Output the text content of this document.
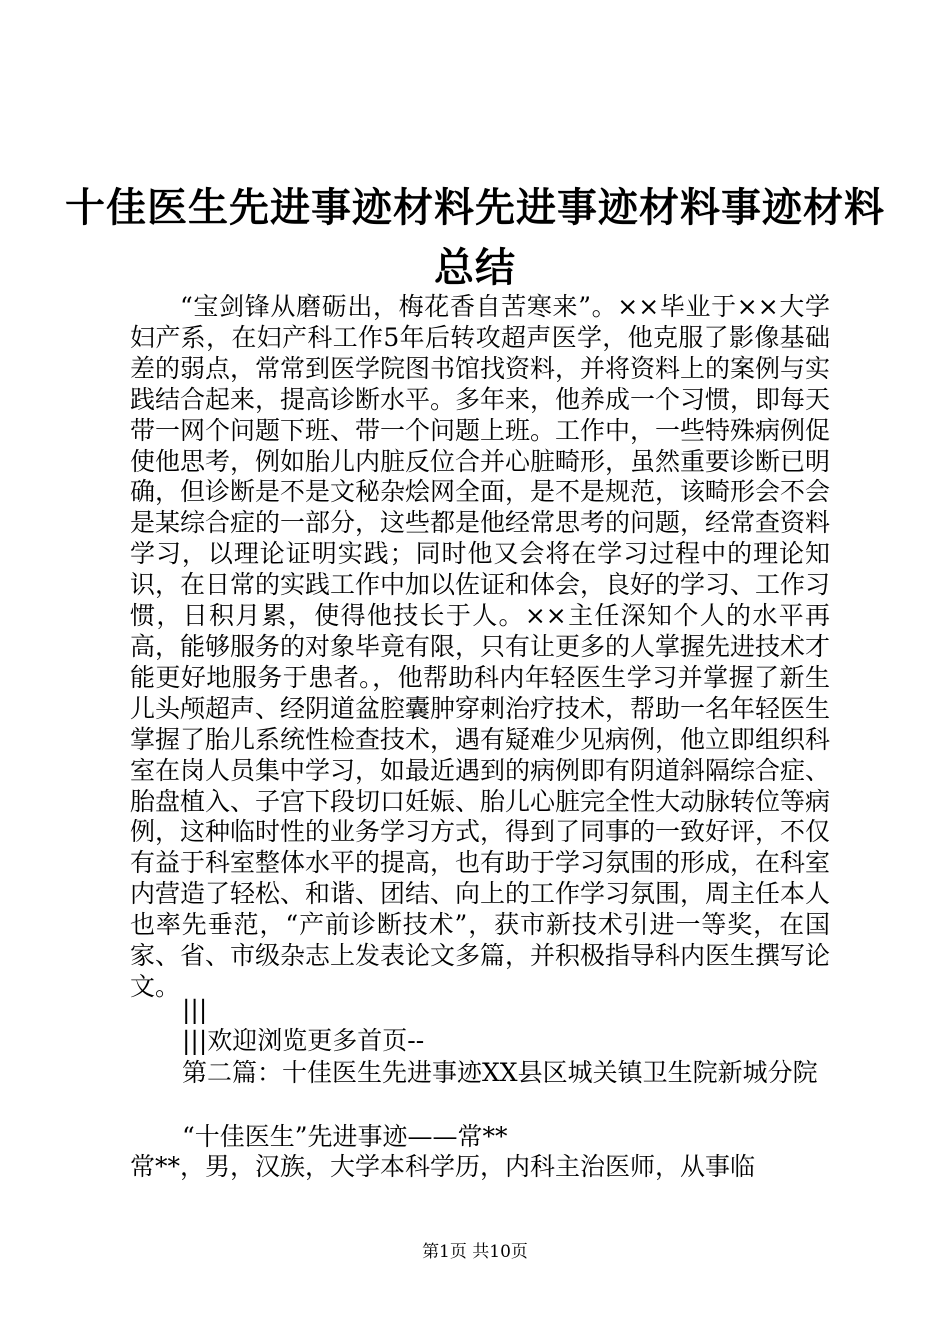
十佳医生先进事迹材料先进事迹材料事迹材料
总结

“宝剑锋从磨砺出，梅花香自苦寒来”。××毕业于××大学妇产系，在妇产科工作5年后转攻超声医学，他克服了影像基础差的弱点，常常到医学院图书馆找资料，并将资料上的案例与实践结合起来，提高诊断水平。多年来，他养成一个习惯，即每天带一网个问题下班、带一个问题上班。工作中，一些特殊病例促使他思考，例如胎儿内脏反位合并心脏畸形，虽然重要诊断已明确，但诊断是不是文秘杂烩网全面，是不是规范，该畸形会不会是某综合症的一部分，这些都是他经常思考的问题，经常查资料学习，以理论证明实践；同时他又会将在学习过程中的理论知识，在日常的实践工作中加以佐证和体会，良好的学习、工作习惯，日积月累，使得他技长于人。××主任深知个人的水平再高，能够服务的对象毕竟有限，只有让更多的人掌握先进技术才能更好地服务于患者。，他帮助科内年轻医生学习并掌握了新生儿头颅超声、经阴道盆腔囊肿穿刺治疗技术，帮助一名年轻医生掌握了胎儿系统性检查技术，遇有疑难少见病例，他立即组织科室在岗人员集中学习，如最近遇到的病例即有阴道斜隔综合症、胎盘植入、子宫下段切口妊娠、胎儿心脏完全性大动脉转位等病例，这种临时性的业务学习方式，得到了同事的一致好评，不仅有益于科室整体水平的提高，也有助于学习氛围的形成，在科室内营造了轻松、和谐、团结、向上的工作学习氛围，周主任本人也率先垂范，“产前诊断技术”，获市新技术引进一等奖，在国家、省、市级杂志上发表论文多篇，并积极指导科内医生撰写论文。

|||
|||欢迎浏览更多首页--
第二篇：十佳医生先进事迹XX县区城关镇卫生院新城分院
“十佳医生”先进事迹——常**
常**，男，汉族，大学本科学历，内科主治医师，从事临
第1页 共10页
